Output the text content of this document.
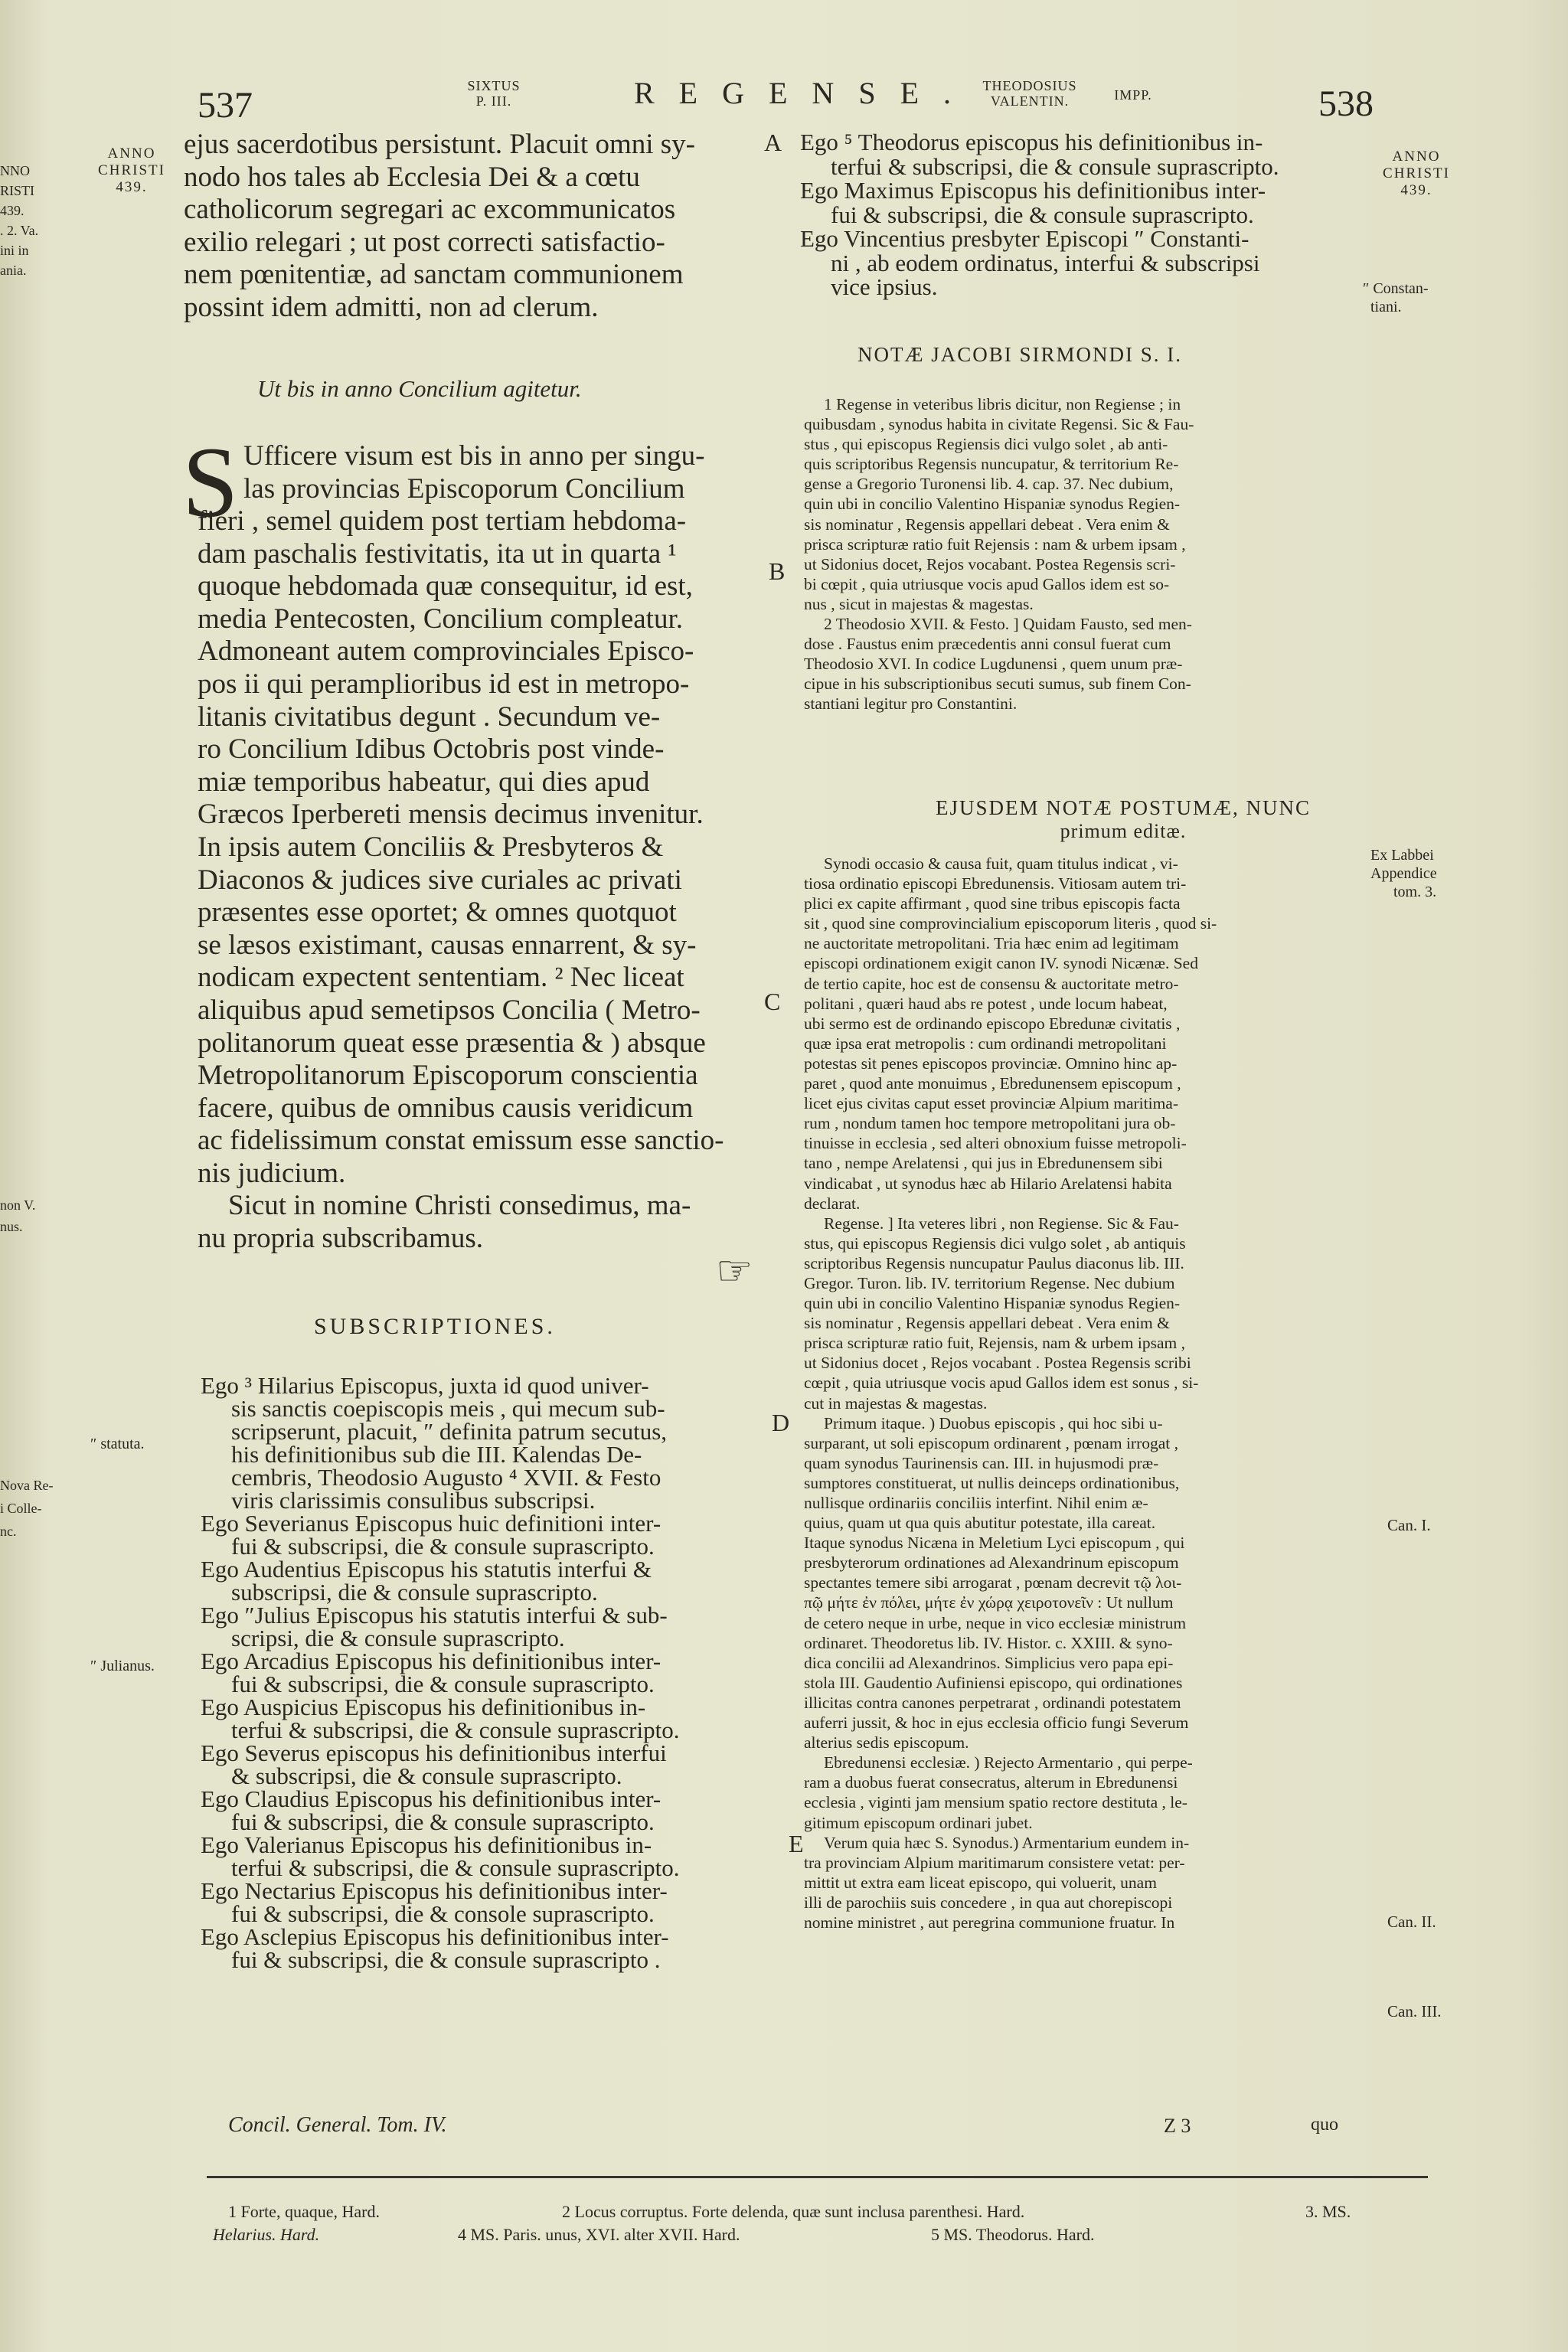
537	SIXTUS
P. III.	REGENSE. THEODOSIUS
VALENTIN.	IMPP.	538
NNO
RISTI
439.
. 2. Va.
ini in
ania.
non V.
nus.
Nova Re-
i Colle-
nc.
ANNO
CHRISTI
439.
ANNO
CHRISTI
439.
ejus sacerdotibus persistunt. Placuit omni sy-
nodo hos tales ab Ecclesia Dei & a cœtu
catholicorum segregari ac excommunicatos
exilio relegari ; ut post correcti satisfactio-
nem pœnitentiæ, ad sanctam communionem
possint idem admitti, non ad clerum.
Ut bis in anno Concilium agitetur.
S Ufficere visum est bis in anno per singu-
las provincias Episcoporum Concilium
fieri , semel quidem post tertiam hebdoma-
dam paschalis festivitatis, ita ut in quarta ¹
quoque hebdomada quæ consequitur, id est,
media Pentecosten, Concilium compleatur.
Admoneant autem comprovinciales Episco-
pos ii qui peramplioribus id est in metropo-
litanis civitatibus degunt . Secundum ve-
ro Concilium Idibus Octobris post vinde-
miæ temporibus habeatur, qui dies apud
Græcos Iperbereti mensis decimus invenitur.
In ipsis autem Conciliis & Presbyteros &
Diaconos & judices sive curiales ac privati
præsentes esse oportet; & omnes quotquot
se læsos existimant, causas ennarrent, & sy-
nodicam expectent sententiam. ² Nec liceat
aliquibus apud semetipsos Concilia ( Metro-
politanorum queat esse præsentia & ) absque
Metropolitanorum Episcoporum conscientia
facere, quibus de omnibus causis veridicum
ac fidelissimum constat emissum esse sanctio-
nis judicium.
Sicut in nomine Christi consedimus, ma-
nu propria subscribamus.
☞
SUBSCRIPTIONES.
Ego ³ Hilarius Episcopus, juxta id quod univer-
sis sanctis coepiscopis meis , qui mecum sub-
scripserunt, placuit, ″ definita patrum secutus,
his definitionibus sub die III. Kalendas De-
cembris, Theodosio Augusto ⁴ XVII. & Festo
viris clarissimis consulibus subscripsi.
Ego Severianus Episcopus huic definitioni inter-
fui & subscripsi, die & consule suprascripto.
Ego Audentius Episcopus his statutis interfui &
subscripsi, die & consule suprascripto.
Ego ″Julius Episcopus his statutis interfui & sub-
scripsi, die & consule suprascripto.
Ego Arcadius Episcopus his definitionibus inter-
fui & subscripsi, die & consule suprascripto.
Ego Auspicius Episcopus his definitionibus in-
terfui & subscripsi, die & consule suprascripto.
Ego Severus episcopus his definitionibus interfui
& subscripsi, die & consule suprascripto.
Ego Claudius Episcopus his definitionibus inter-
fui & subscripsi, die & consule suprascripto.
Ego Valerianus Episcopus his definitionibus in-
terfui & subscripsi, die & consule suprascripto.
Ego Nectarius Episcopus his definitionibus inter-
fui & subscripsi, die & console suprascripto.
Ego Asclepius Episcopus his definitionibus inter-
fui & subscripsi, die & consule suprascripto .
Concil. General. Tom. IV.
″ statuta.
″ Julianus.
A
B
C
D
E
Ego ⁵ Theodorus episcopus his definitionibus in-
terfui & subscripsi, die & consule suprascripto.
Ego Maximus Episcopus his definitionibus inter-
fui & subscripsi, die & consule suprascripto.
Ego Vincentius presbyter Episcopi ″ Constanti-
ni , ab eodem ordinatus, interfui & subscripsi
vice ipsius.
NOTÆ JACOBI SIRMONDI S. I.
1 Regense in veteribus libris dicitur, non Regiense ; in
quibusdam , synodus habita in civitate Regensi. Sic & Fau-
stus , qui episcopus Regiensis dici vulgo solet , ab anti-
quis scriptoribus Regensis nuncupatur, & territorium Re-
gense a Gregorio Turonensi lib. 4. cap. 37. Nec dubium,
quin ubi in concilio Valentino Hispaniæ synodus Regien-
sis nominatur , Regensis appellari debeat . Vera enim &
prisca scripturæ ratio fuit Rejensis : nam & urbem ipsam ,
ut Sidonius docet, Rejos vocabant. Postea Regensis scri-
bi cœpit , quia utriusque vocis apud Gallos idem est so-
nus , sicut in majestas & magestas.
2 Theodosio XVII. & Festo. ] Quidam Fausto, sed men-
dose . Faustus enim præcedentis anni consul fuerat cum
Theodosio XVI. In codice Lugdunensi , quem unum præ-
cipue in his subscriptionibus secuti sumus, sub finem Con-
stantiani legitur pro Constantini.
EJUSDEM NOTÆ POSTUMÆ, NUNC
primum editæ.
Synodi occasio & causa fuit, quam titulus indicat , vi-
tiosa ordinatio episcopi Ebredunensis. Vitiosam autem tri-
plici ex capite affirmant , quod sine tribus episcopis facta
sit , quod sine comprovincialium episcoporum literis , quod si-
ne auctoritate metropolitani. Tria hæc enim ad legitimam
episcopi ordinationem exigit canon IV. synodi Nicænæ. Sed
de tertio capite, hoc est de consensu & auctoritate metro-
politani , quæri haud abs re potest , unde locum habeat,
ubi sermo est de ordinando episcopo Ebredunæ civitatis ,
quæ ipsa erat metropolis : cum ordinandi metropolitani
potestas sit penes episcopos provinciæ. Omnino hinc ap-
paret , quod ante monuimus , Ebredunensem episcopum ,
licet ejus civitas caput esset provinciæ Alpium maritima-
rum , nondum tamen hoc tempore metropolitani jura ob-
tinuisse in ecclesia , sed alteri obnoxium fuisse metropoli-
tano , nempe Arelatensi , qui jus in Ebredunensem sibi
vindicabat , ut synodus hæc ab Hilario Arelatensi habita
declarat.
Regense. ] Ita veteres libri , non Regiense. Sic & Fau-
stus, qui episcopus Regiensis dici vulgo solet , ab antiquis
scriptoribus Regensis nuncupatur Paulus diaconus lib. III.
Gregor. Turon. lib. IV. territorium Regense. Nec dubium
quin ubi in concilio Valentino Hispaniæ synodus Regien-
sis nominatur , Regensis appellari debeat . Vera enim &
prisca scripturæ ratio fuit, Rejensis, nam & urbem ipsam ,
ut Sidonius docet , Rejos vocabant . Postea Regensis scribi
cœpit , quia utriusque vocis apud Gallos idem est sonus , si-
cut in majestas & magestas.
Primum itaque. ) Duobus episcopis , qui hoc sibi u-
surparant, ut soli episcopum ordinarent , pœnam irrogat ,
quam synodus Taurinensis can. III. in hujusmodi præ-
sumptores constituerat, ut nullis deinceps ordinationibus,
nullisque ordinariis conciliis interfint. Nihil enim æ-
quius, quam ut qua quis abutitur potestate, illa careat.
Itaque synodus Nicæna in Meletium Lyci episcopum , qui
presbyterorum ordinationes ad Alexandrinum episcopum
spectantes temere sibi arrogarat , pœnam decrevit τῷ λοι-
πῷ μήτε ἐν πόλει, μήτε ἐν χώρᾳ χειροτονεῖν : Ut nullum
de cetero neque in urbe, neque in vico ecclesiæ ministrum
ordinaret. Theodoretus lib. IV. Histor. c. XXIII. & syno-
dica concilii ad Alexandrinos. Simplicius vero papa epi-
stola III. Gaudentio Aufiniensi episcopo, qui ordinationes
illicitas contra canones perpetrarat , ordinandi potestatem
auferri jussit, & hoc in ejus ecclesia officio fungi Severum
alterius sedis episcopum.
Ebredunensi ecclesiæ. ) Rejecto Armentario , qui perpe-
ram a duobus fuerat consecratus, alterum in Ebredunensi
ecclesia , viginti jam mensium spatio rectore destituta , le-
gitimum episcopum ordinari jubet.
Verum quia hæc S. Synodus.) Armentarium eundem in-
tra provinciam Alpium maritimarum consistere vetat: per-
mittit ut extra eam liceat episcopo, qui voluerit, unam
illi de parochiis suis concedere , in qua aut chorepiscopi
nomine ministret , aut peregrina communione fruatur. In
Z 3	quo
″ Constan-
tiani.
Ex Labbei
Appendice
tom. 3.
Can. I.
Can. II.
Can. III.
1 Forte, quaque, Hard.	2 Locus corruptus. Forte delenda, quæ sunt inclusa parenthesi. Hard.	3. MS.
Helarius. Hard.	4 MS. Paris. unus, XVI. alter XVII. Hard.	5 MS. Theodorus. Hard.
